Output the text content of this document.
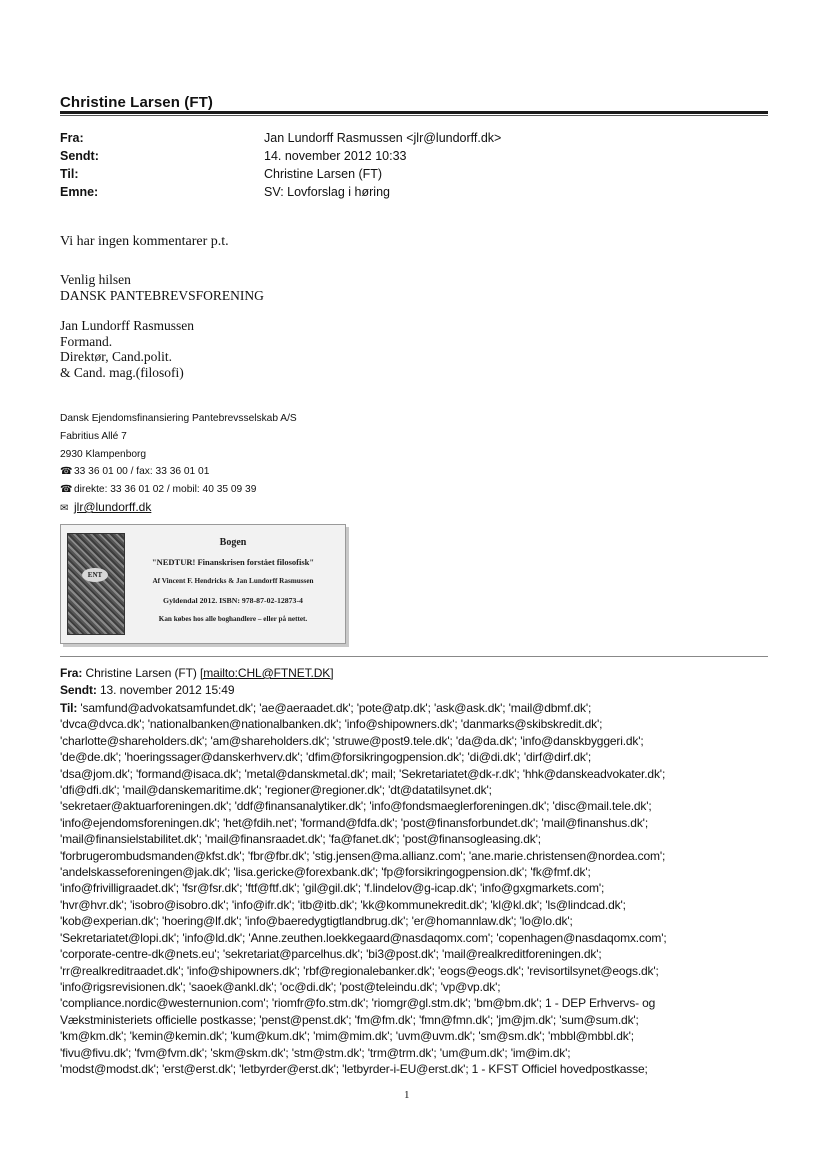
Christine Larsen (FT)
Fra:	Jan Lundorff Rasmussen <jlr@lundorff.dk>
Sendt:	14. november 2012 10:33
Til:	Christine Larsen (FT)
Emne:	SV: Lovforslag i høring
Vi har ingen kommentarer p.t.
Venlig hilsen
DANSK PANTEBREVSFORENING
Jan Lundorff Rasmussen
Formand.
Direktør, Cand.polit.
& Cand. mag.(filosofi)
Dansk Ejendomsfinansiering Pantebrevsselskab A/S
Fabritius Allé 7
2930 Klampenborg
☎ 33 36 01 00 / fax: 33 36 01 01
☎ direkte: 33 36 01 02 / mobil: 40 35 09 39
✉ jlr@lundorff.dk
ENT
Bogen
"NEDTUR! Finanskrisen forstået filosofisk"
Af Vincent F. Hendricks & Jan Lundorff Rasmussen
Gyldendal 2012. ISBN: 978-87-02-12873-4
Kan købes hos alle boghandlere – eller på nettet.
Fra: Christine Larsen (FT) [mailto:CHL@FTNET.DK]
Sendt: 13. november 2012 15:49
Til: 'samfund@advokatsamfundet.dk'; 'ae@aeraadet.dk'; 'pote@atp.dk'; 'ask@ask.dk'; 'mail@dbmf.dk';
'dvca@dvca.dk'; 'nationalbanken@nationalbanken.dk'; 'info@shipowners.dk'; 'danmarks@skibskredit.dk';
'charlotte@shareholders.dk'; 'am@shareholders.dk'; 'struwe@post9.tele.dk'; 'da@da.dk'; 'info@danskbyggeri.dk';
'de@de.dk'; 'hoeringssager@danskerhverv.dk'; 'dfim@forsikringogpension.dk'; 'di@di.dk'; 'dirf@dirf.dk';
'dsa@jom.dk'; 'formand@isaca.dk'; 'metal@danskmetal.dk'; mail; 'Sekretariatet@dk-r.dk'; 'hhk@danskeadvokater.dk';
'dfi@dfi.dk'; 'mail@danskemaritime.dk'; 'regioner@regioner.dk'; 'dt@datatilsynet.dk';
'sekretaer@aktuarforeningen.dk'; 'ddf@finansanalytiker.dk'; 'info@fondsmaeglerforeningen.dk'; 'disc@mail.tele.dk';
'info@ejendomsforeningen.dk'; 'het@fdih.net'; 'formand@fdfa.dk'; 'post@finansforbundet.dk'; 'mail@finanshus.dk';
'mail@finansielstabilitet.dk'; 'mail@finansraadet.dk'; 'fa@fanet.dk'; 'post@finansogleasing.dk';
'forbrugerombudsmanden@kfst.dk'; 'fbr@fbr.dk'; 'stig.jensen@ma.allianz.com'; 'ane.marie.christensen@nordea.com';
'andelskasseforeningen@jak.dk'; 'lisa.gericke@forexbank.dk'; 'fp@forsikringogpension.dk'; 'fk@fmf.dk';
'info@frivilligraadet.dk'; 'fsr@fsr.dk'; 'ftf@ftf.dk'; 'gil@gil.dk'; 'f.lindelov@g-icap.dk'; 'info@gxgmarkets.com';
'hvr@hvr.dk'; 'isobro@isobro.dk'; 'info@ifr.dk'; 'itb@itb.dk'; 'kk@kommunekredit.dk'; 'kl@kl.dk'; 'ls@lindcad.dk';
'kob@experian.dk'; 'hoering@lf.dk'; 'info@baeredygtigtlandbrug.dk'; 'er@homannlaw.dk'; 'lo@lo.dk';
'Sekretariatet@lopi.dk'; 'info@ld.dk'; 'Anne.zeuthen.loekkegaard@nasdaqomx.com'; 'copenhagen@nasdaqomx.com';
'corporate-centre-dk@nets.eu'; 'sekretariat@parcelhus.dk'; 'bi3@post.dk'; 'mail@realkreditforeningen.dk';
'rr@realkreditraadet.dk'; 'info@shipowners.dk'; 'rbf@regionalebanker.dk'; 'eogs@eogs.dk'; 'revisortilsynet@eogs.dk';
'info@rigsrevisionen.dk'; 'saoek@ankl.dk'; 'oc@di.dk'; 'post@teleindu.dk'; 'vp@vp.dk';
'compliance.nordic@westernunion.com'; 'riomfr@fo.stm.dk'; 'riomgr@gl.stm.dk'; 'bm@bm.dk'; 1 - DEP Erhvervs- og
Vækstministeriets officielle postkasse; 'penst@penst.dk'; 'fm@fm.dk'; 'fmn@fmn.dk'; 'jm@jm.dk'; 'sum@sum.dk';
'km@km.dk'; 'kemin@kemin.dk'; 'kum@kum.dk'; 'mim@mim.dk'; 'uvm@uvm.dk'; 'sm@sm.dk'; 'mbbl@mbbl.dk';
'fivu@fivu.dk'; 'fvm@fvm.dk'; 'skm@skm.dk'; 'stm@stm.dk'; 'trm@trm.dk'; 'um@um.dk'; 'im@im.dk';
'modst@modst.dk'; 'erst@erst.dk'; 'letbyrder@erst.dk'; 'letbyrder-i-EU@erst.dk'; 1 - KFST Officiel hovedpostkasse;
1
